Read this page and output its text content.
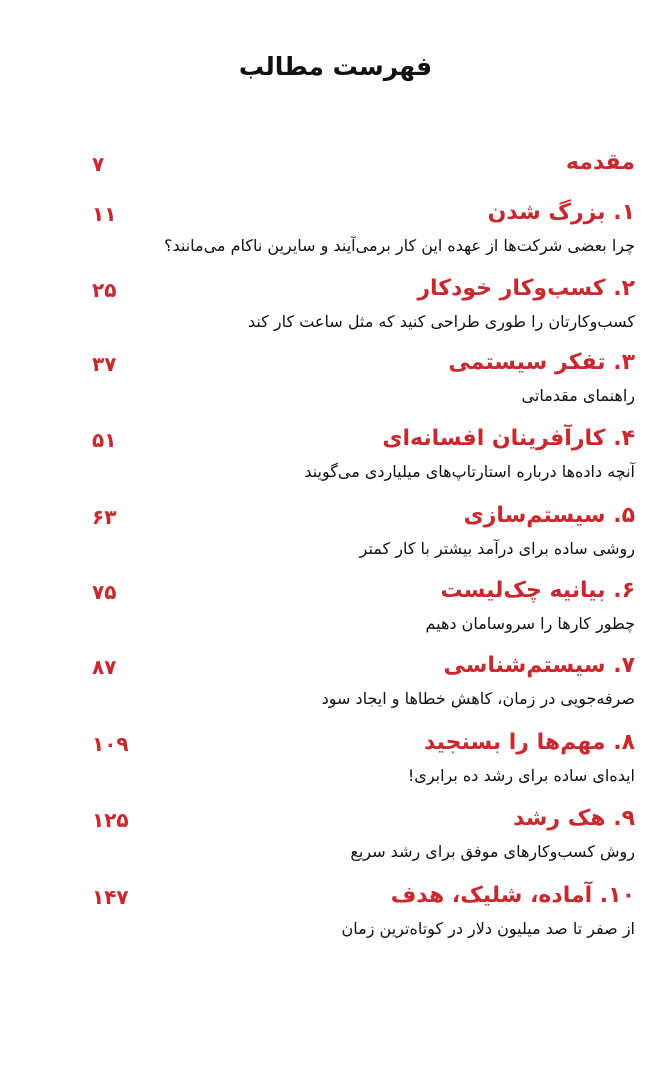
فهرست مطالب
مقدمه
۷
۱. بزرگ شدن
چرا بعضی شرکت‌ها از عهده این کار برمی‌آیند و سایرین ناکام می‌مانند؟
۱۱
۲. کسب‌وکار خودکار
کسب‌وکارتان را طوری طراحی کنید که مثل ساعت کار کند
۲۵
۳. تفکر سیستمی
راهنمای مقدماتی
۳۷
۴. کارآفرینان افسانه‌ای
آنچه داده‌ها درباره استارتاپ‌های میلیاردی می‌گویند
۵۱
۵. سیستم‌سازی
روشی ساده برای درآمد بیشتر با کار کمتر
۶۳
۶. بیانیه چک‌لیست
چطور کارها را سروسامان دهیم
۷۵
۷. سیستم‌شناسی
صرفه‌جویی در زمان، کاهش خطاها و ایجاد سود
۸۷
۸. مهم‌ها را بسنجید
ایده‌ای ساده برای رشد ده برابری!
۱۰۹
۹. هک رشد
روش کسب‌وکارهای موفق برای رشد سریع
۱۲۵
۱۰. آماده، شلیک، هدف
از صفر تا صد میلیون دلار در کوتاه‌ترین زمان
۱۴۷
